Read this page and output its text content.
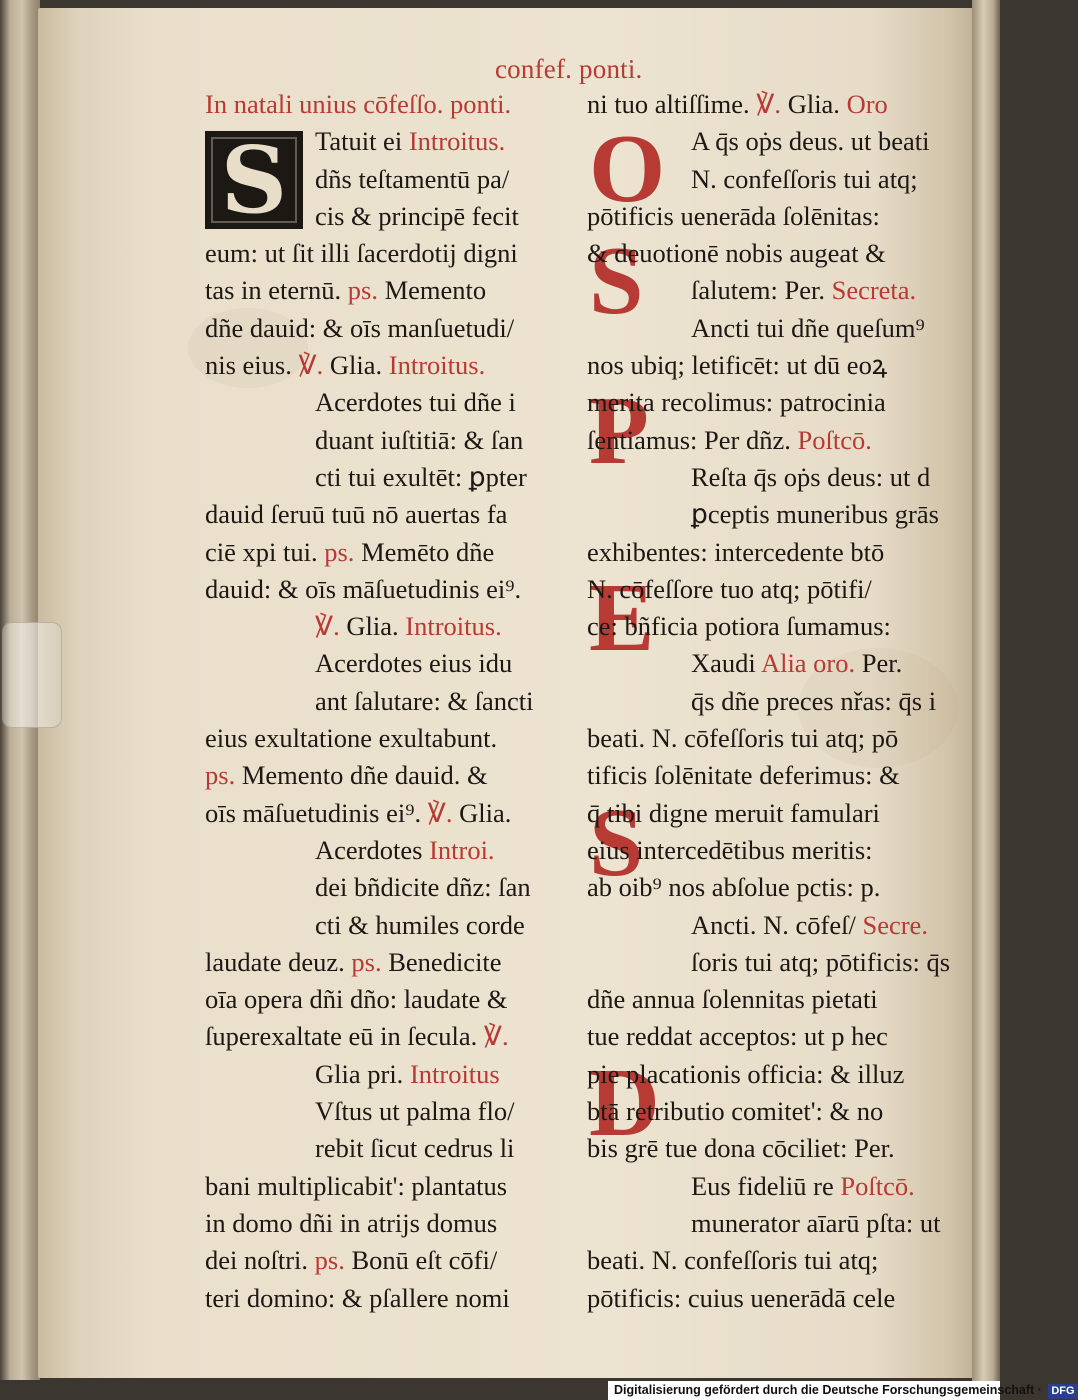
confef. ponti.
S	O
S
P
E
S
D
In natali unius cōfeſſo. ponti.
Tatuit ei Introitus.
dñs teſtamentū pa/
cis & principē fecit
eum: ut ſit illi ſacerdotij digni
tas in eternū. ps. Memento
dñe dauid: & oīs manſuetudi/
nis eius. ℣. Glia. Introitus.
Acerdotes tui dñe i
duant iuſtitiā: & ſan
cti tui exultēt: ꝑpter
dauid ſeruū tuū nō auertas fa
ciē xpi tui. ps. Memēto dñe
dauid: & oīs māſuetudinis ei⁹.
℣. Glia. Introitus.
Acerdotes eius idu
ant ſalutare: & ſancti
eius exultatione exultabunt.
ps. Memento dñe dauid. &
oīs māſuetudinis ei⁹. ℣. Glia.
Acerdotes Introi.
dei bñdicite dñz: ſan
cti & humiles corde
laudate deuz. ps. Benedicite
oīa opera dñi dño: laudate &
ſuperexaltate eū in ſecula. ℣.
Glia pri. Introitus
Vſtus ut palma flo/
rebit ſicut cedrus li
bani multiplicabit': plantatus
in domo dñi in atrijs domus
dei noſtri. ps. Bonū eſt cōfi/
teri domino: & pſallere nomi
ni tuo altiſſime. ℣. Glia. Oro
A q̄s oṗs deus. ut beati
N. confeſſoris tui atq;
pōtificis uenerāda ſolēnitas:
& deuotionē nobis augeat &
ſalutem: Per. Secreta.
Ancti tui dñe queſum⁹
nos ubiq; letificēt: ut dū eoꝝ
merita recolimus: patrocinia
ſentiamus: Per dñz. Poſtcō.
Reſta q̄s oṗs deus: ut d
ꝑceptis muneribus grās
exhibentes: intercedente btō
N. cōfeſſore tuo atq; pōtifi/
ce: bñficia potiora ſumamus:
Xaudi Alia oro. Per.
q̄s dñe preces nřas: q̄s i
beati. N. cōfeſſoris tui atq; pō
tificis ſolēnitate deferimus: &
q̄ tibi digne meruit famulari
eius intercedētibus meritis:
ab oib⁹ nos abſolue pctis: p.
Ancti. N. cōfeſ/ Secre.
ſoris tui atq; pōtificis: q̄s
dñe annua ſolennitas pietati
tue reddat acceptos: ut p hec
pie placationis officia: & illuz
btā retributio comitet': & no
bis grē tue dona cōciliet: Per.
Eus fideliū re Poſtcō.
munerator aīarū pſta: ut
beati. N. confeſſoris tui atq;
pōtificis: cuius uenerādā cele
Digitalisierung gefördert durch die Deutsche Forschungsgemeinschaft · DFG
